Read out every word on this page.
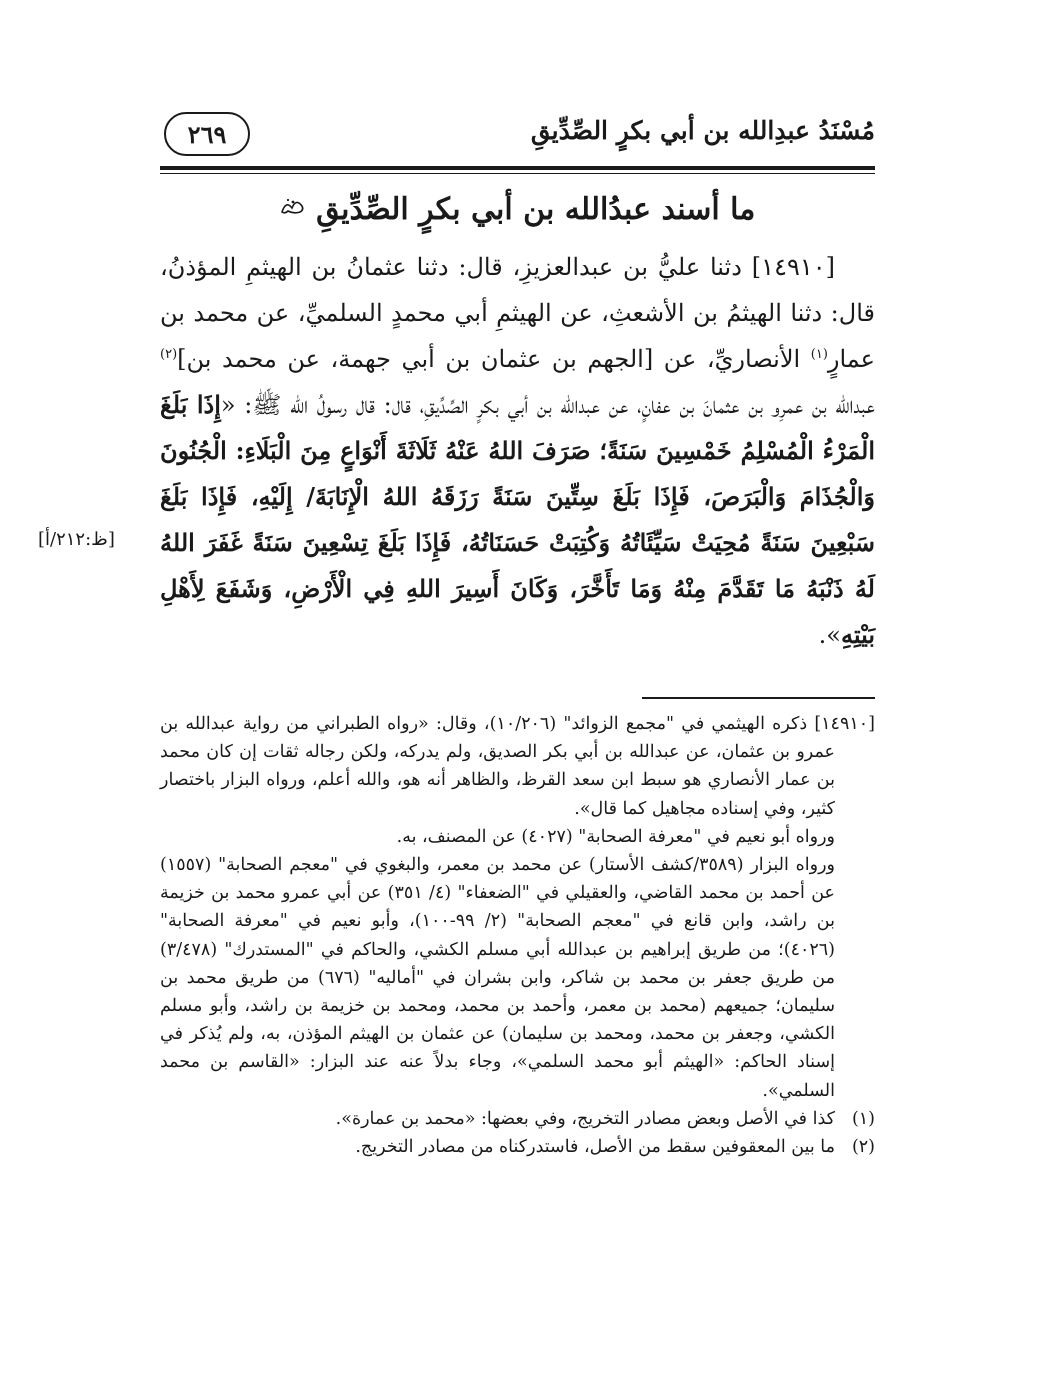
مُسْنَدُ عبدِالله بن أبي بكرٍ الصِّدِّيقِ
٢٦٩
ما أسند عبدُالله بن أبي بكرٍ الصِّدِّيقِ

[١٤٩١٠] دثنا عليُّ بن عبدالعزيزِ، قال: دثنا عثمانُ بن الهيثمِ المؤذنُ، قال: دثنا الهيثمُ بن الأشعثِ، عن الهيثمِ أبي محمدٍ السلميِّ، عن محمد بن عمارٍ$^{(١)}$ الأنصاريِّ، عن [الجهم بن عثمان بن أبي جهمة، عن محمد بن]$^{(٢)}$ عبدالله بن عمرِو بن عثمانَ بن عفانٍ، عن عبدالله بن أبي بكرٍ الصِّدِّيقِ، قال: قال رسولُ الله ﷺ: «إِذَا بَلَغَ الْمَرْءُ الْمُسْلِمُ خَمْسِينَ سَنَةً؛ صَرَفَ اللهُ عَنْهُ ثَلَاثَةَ أَنْوَاعٍ مِنَ الْبَلَاءِ: الْجُنُونَ وَالْجُذَامَ وَالْبَرَصَ، فَإِذَا بَلَغَ سِتِّينَ سَنَةً رَزَقَهُ اللهُ الْإِنَابَةَ/ إِلَيْهِ، فَإِذَا بَلَغَ سَبْعِينَ سَنَةً مُحِيَتْ سَيِّئَاتُهُ وَكُتِبَتْ حَسَنَاتُهُ، فَإِذَا بَلَغَ تِسْعِينَ سَنَةً غَفَرَ اللهُ لَهُ ذَنْبَهُ مَا تَقَدَّمَ مِنْهُ وَمَا تَأَخَّرَ، وَكَانَ أَسِيرَ اللهِ فِي الْأَرْضِ، وَشَفَعَ لِأَهْلِ بَيْتِهِ».

[ظ:٢١٢/أ]

[١٤٩١٠] ذكره الهيثمي في "مجمع الزوائد" (١٠/٢٠٦)، وقال: «رواه الطبراني من رواية عبدالله بن عمرو بن عثمان، عن عبدالله بن أبي بكر الصديق، ولم يدركه، ولكن رجاله ثقات إن كان محمد بن عمار الأنصاري هو سبط ابن سعد القرظ، والظاهر أنه هو، والله أعلم، ورواه البزار باختصار كثير، وفي إسناده مجاهيل كما قال».

ورواه أبو نعيم في "معرفة الصحابة" (٤٠٢٧) عن المصنف، به.

ورواه البزار (٣٥٨٩/كشف الأستار) عن محمد بن معمر، والبغوي في "معجم الصحابة" (١٥٥٧) عن أحمد بن محمد القاضي، والعقيلي في "الضعفاء" (٤/ ٣٥١) عن أبي عمرو محمد بن خزيمة بن راشد، وابن قانع في "معجم الصحابة" (٢/ ٩٩-١٠٠)، وأبو نعيم في "معرفة الصحابة" (٤٠٢٦)؛ من طريق إبراهيم بن عبدالله أبي مسلم الكشي، والحاكم في "المستدرك" (٣/٤٧٨) من طريق جعفر بن محمد بن شاكر، وابن بشران في "أماليه" (٦٧٦) من طريق محمد بن سليمان؛ جميعهم (محمد بن معمر، وأحمد بن محمد، ومحمد بن خزيمة بن راشد، وأبو مسلم الكشي، وجعفر بن محمد، ومحمد بن سليمان) عن عثمان بن الهيثم المؤذن، به، ولم يُذكر في إسناد الحاكم: «الهيثم أبو محمد السلمي»، وجاء بدلاً عنه عند البزار: «القاسم بن محمد السلمي».

(١)
كذا في الأصل وبعض مصادر التخريج، وفي بعضها: «محمد بن عمارة».

(٢)
ما بين المعقوفين سقط من الأصل، فاستدركناه من مصادر التخريج.
